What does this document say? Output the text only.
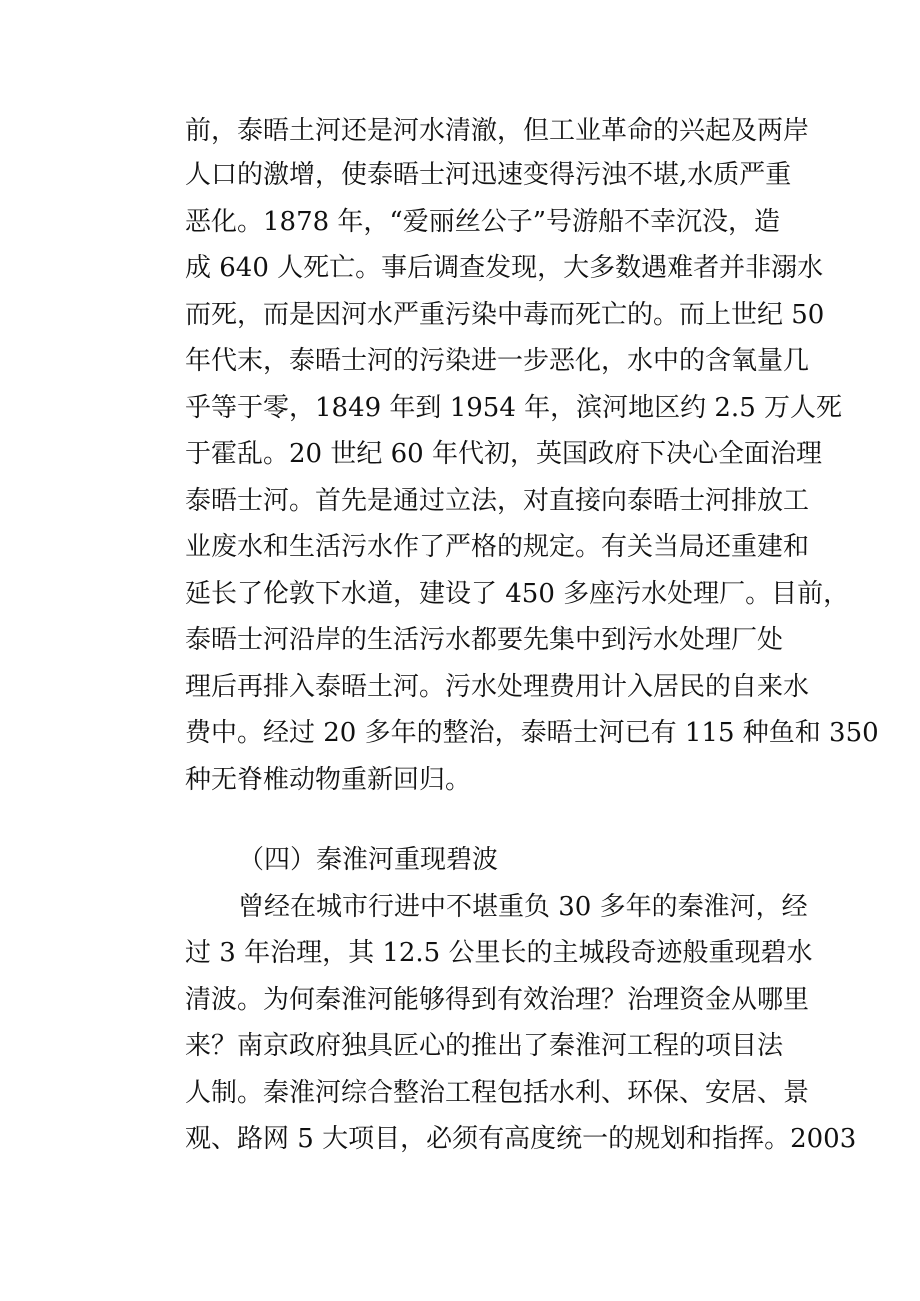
前，泰晤土河还是河水清澈，但工业革命的兴起及两岸
人口的激增，使泰晤士河迅速变得污浊不堪,水质严重
恶化。1878 年，“爱丽丝公子”号游船不幸沉没，造
成 640 人死亡。事后调查发现，大多数遇难者并非溺水
而死，而是因河水严重污染中毒而死亡的。而上世纪 50
年代末，泰晤士河的污染进一步恶化，水中的含氧量几
乎等于零，1849 年到 1954 年，滨河地区约 2.5 万人死
于霍乱。20 世纪 60 年代初，英国政府下决心全面治理
泰晤士河。首先是通过立法，对直接向泰晤士河排放工
业废水和生活污水作了严格的规定。有关当局还重建和
延长了伦敦下水道，建设了 450 多座污水处理厂。目前，
泰晤士河沿岸的生活污水都要先集中到污水处理厂处
理后再排入泰晤土河。污水处理费用计入居民的自来水
费中。经过 20 多年的整治，泰晤士河已有 115 种鱼和 350
种无脊椎动物重新回归。
（四）秦淮河重现碧波
曾经在城市行进中不堪重负 30 多年的秦淮河，经
过 3 年治理，其 12.5 公里长的主城段奇迹般重现碧水
清波。为何秦淮河能够得到有效治理？治理资金从哪里
来？南京政府独具匠心的推出了秦淮河工程的项目法
人制。秦淮河综合整治工程包括水利、环保、安居、景
观、路网 5 大项目，必须有高度统一的规划和指挥。2003
